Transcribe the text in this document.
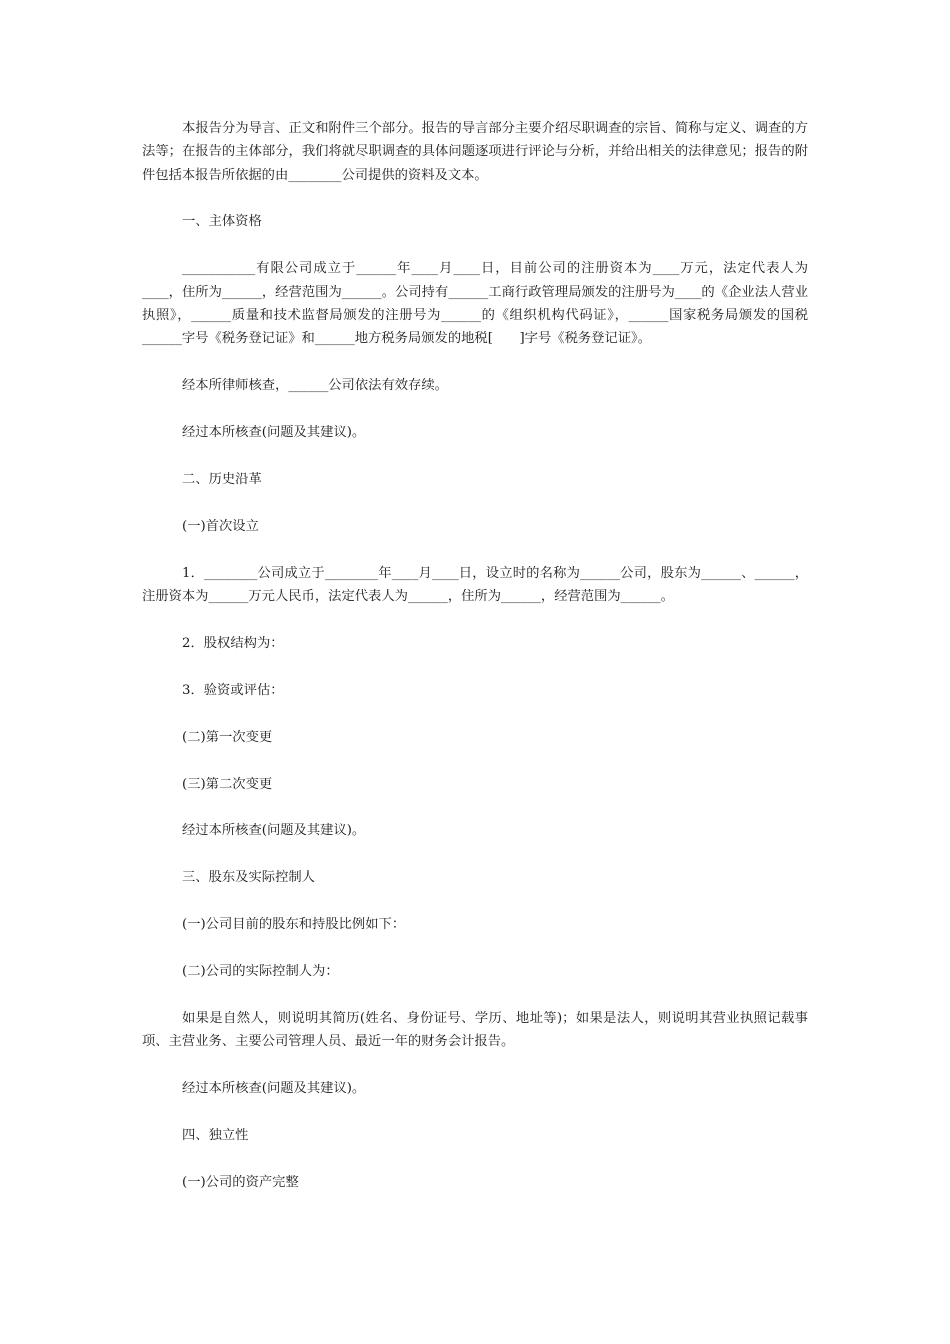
本报告分为导言、正文和附件三个部分。报告的导言部分主要介绍尽职调查的宗旨、简称与定义、调查的方法等；在报告的主体部分，我们将就尽职调查的具体问题逐项进行评论与分析，并给出相关的法律意见；报告的附件包括本报告所依据的由________公司提供的资料及文本。

一、主体资格

___________有限公司成立于______年____月____日，目前公司的注册资本为____万元，法定代表人为____，住所为______，经营范围为______。公司持有______工商行政管理局颁发的注册号为____的《企业法人营业执照》，______质量和技术监督局颁发的注册号为______的《组织机构代码证》，______国家税务局颁发的国税______字号《税务登记证》和______地方税务局颁发的地税[　　]字号《税务登记证》。

经本所律师核查，______公司依法有效存续。

经过本所核查(问题及其建议)。

二、历史沿革

(一)首次设立

1．________公司成立于________年____月____日，设立时的名称为______公司，股东为______、______，注册资本为______万元人民币，法定代表人为______，住所为______，经营范围为______。

2．股权结构为：

3．验资或评估：

(二)第一次变更

(三)第二次变更

经过本所核查(问题及其建议)。

三、股东及实际控制人

(一)公司目前的股东和持股比例如下：

(二)公司的实际控制人为：

如果是自然人，则说明其简历(姓名、身份证号、学历、地址等)；如果是法人，则说明其营业执照记载事项、主营业务、主要公司管理人员、最近一年的财务会计报告。

经过本所核查(问题及其建议)。

四、独立性

(一)公司的资产完整
